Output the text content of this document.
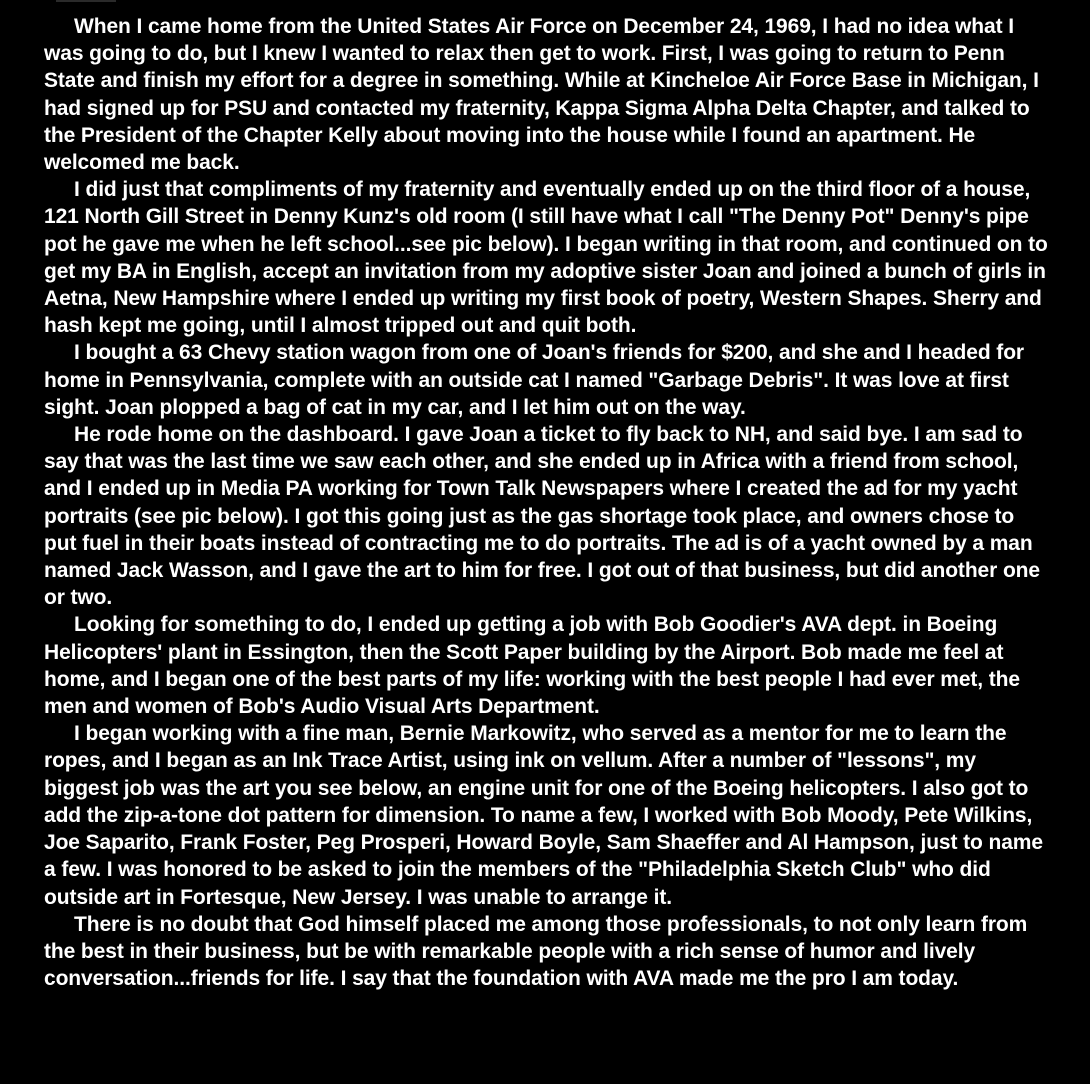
When I came home from the United States Air Force on December 24, 1969, I had no idea what I was going to do, but I knew I wanted to relax then get to work. First, I was going to return to Penn State and finish my effort for a degree in something. While at Kincheloe Air Force Base in Michigan, I had signed up for PSU and contacted my fraternity, Kappa Sigma Alpha Delta Chapter, and talked to the President of the Chapter Kelly about moving into the house while I found an apartment. He welcomed me back.

I did just that compliments of my fraternity and eventually ended up on the third floor of a house, 121 North Gill Street in Denny Kunz's old room (I still have what I call "The Denny Pot" Denny's pipe pot he gave me when he left school...see pic below). I began writing in that room, and continued on to get my BA in English, accept an invitation from my adoptive sister Joan and joined a bunch of girls in Aetna, New Hampshire where I ended up writing my first book of poetry, Western Shapes. Sherry and hash kept me going, until I almost tripped out and quit both.

I bought a 63 Chevy station wagon from one of Joan's friends for $200, and she and I headed for home in Pennsylvania, complete with an outside cat I named "Garbage Debris". It was love at first sight. Joan plopped a bag of cat in my car, and I let him out on the way.

He rode home on the dashboard. I gave Joan a ticket to fly back to NH, and said bye. I am sad to say that was the last time we saw each other, and she ended up in Africa with a friend from school, and I ended up in Media PA working for Town Talk Newspapers where I created the ad for my yacht portraits (see pic below). I got this going just as the gas shortage took place, and owners chose to put fuel in their boats instead of contracting me to do portraits. The ad is of a yacht owned by a man named Jack Wasson, and I gave the art to him for free. I got out of that business, but did another one or two.

Looking for something to do, I ended up getting a job with Bob Goodier's AVA dept. in Boeing Helicopters' plant in Essington, then the Scott Paper building by the Airport. Bob made me feel at home, and I began one of the best parts of my life: working with the best people I had ever met, the men and women of Bob's Audio Visual Arts Department.

I began working with a fine man, Bernie Markowitz, who served as a mentor for me to learn the ropes, and I began as an Ink Trace Artist, using ink on vellum. After a number of "lessons", my biggest job was the art you see below, an engine unit for one of the Boeing helicopters. I also got to add the zip-a-tone dot pattern for dimension. To name a few, I worked with Bob Moody, Pete Wilkins, Joe Saparito, Frank Foster, Peg Prosperi, Howard Boyle, Sam Shaeffer and Al Hampson, just to name a few. I was honored to be asked to join the members of the "Philadelphia Sketch Club" who did outside art in Fortesque, New Jersey. I was unable to arrange it.

There is no doubt that God himself placed me among those professionals, to not only learn from the best in their business, but be with remarkable people with a rich sense of humor and lively conversation...friends for life. I say that the foundation with AVA made me the pro I am today.
